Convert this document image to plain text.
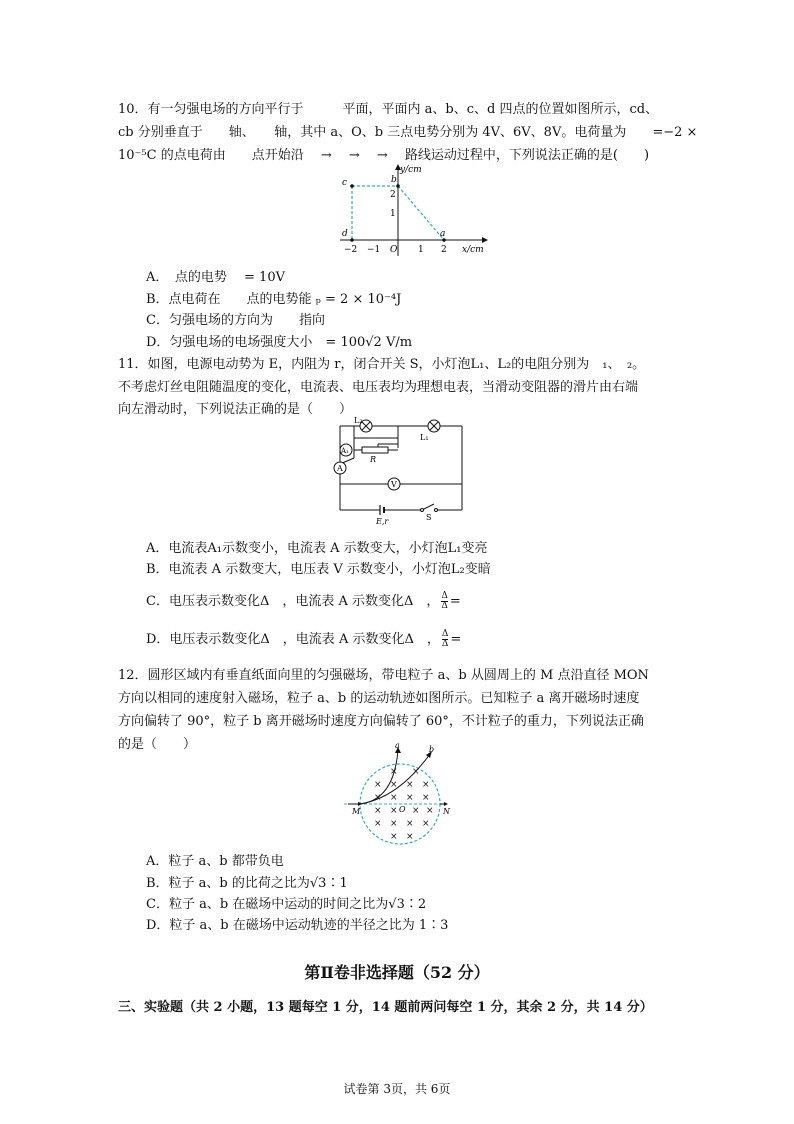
10．有一匀强电场的方向平行于　　　平面，平面内 a、b、c、d 四点的位置如图所示，cd、
cb 分别垂直于　　轴、　　轴，其中 a、O、b 三点电势分别为 4V、6V、8V。电荷量为　　=−2 ×
10⁻⁵C 的点电荷由　　点开始沿　 →　 →　 →　 路线运动过程中，下列说法正确的是(　　)
y/cm
x/cm
O
−2 −1	1 2
1
2
a
b
c
d
A．　点的电势　 = 10V
B．点电荷在　　点的电势能 ₚ = 2 × 10⁻⁴J
C．匀强电场的方向为　　指向
D．匀强电场的电场强度大小　= 100√2 V/m
11．如图，电源电动势为 E，内阻为 r，闭合开关 S，小灯泡L₁、L₂的电阻分别为　₁、　₂。
不考虑灯丝电阻随温度的变化，电流表、电压表均为理想电表，当滑动变阻器的滑片由右端
向左滑动时，下列说法正确的是（　　）
A₁
A
V
L₂
L₁
R
E,r	S
A．电流表A₁示数变小，电流表 A 示数变大，小灯泡L₁变亮
B．电流表 A 示数变大，电压表 V 示数变小，小灯泡L₂变暗
C．电压表示数变化Δ　，电流表 A 示数变化Δ　， $\frac{\Delta}{\Delta}$ =
D．电压表示数变化Δ　，电流表 A 示数变化Δ　， $\frac{\Delta}{\Delta}$ =
12．圆形区域内有垂直纸面向里的匀强磁场，带电粒子 a、b 从圆周上的 M 点沿直径 MON
方向以相同的速度射入磁场，粒子 a、b 的运动轨迹如图所示。已知粒子 a 离开磁场时速度
方向偏转了 90°，粒子 b 离开磁场时速度方向偏转了 60°，不计粒子的重力，下列说法正确
的是（　　）
× ×
× × × ×
× × × ×
× × × ×
× × × ×
× ×
a	b
M	N
O
A．粒子 a、b 都带负电
B．粒子 a、b 的比荷之比为√3∶1
C．粒子 a、b 在磁场中运动的时间之比为√3∶2
D．粒子 a、b 在磁场中运动轨迹的半径之比为 1∶3
第Ⅱ卷非选择题（52 分）
三、实验题（共 2 小题，13 题每空 1 分，14 题前两问每空 1 分，其余 2 分，共 14 分）
试卷第 3页，共 6页
